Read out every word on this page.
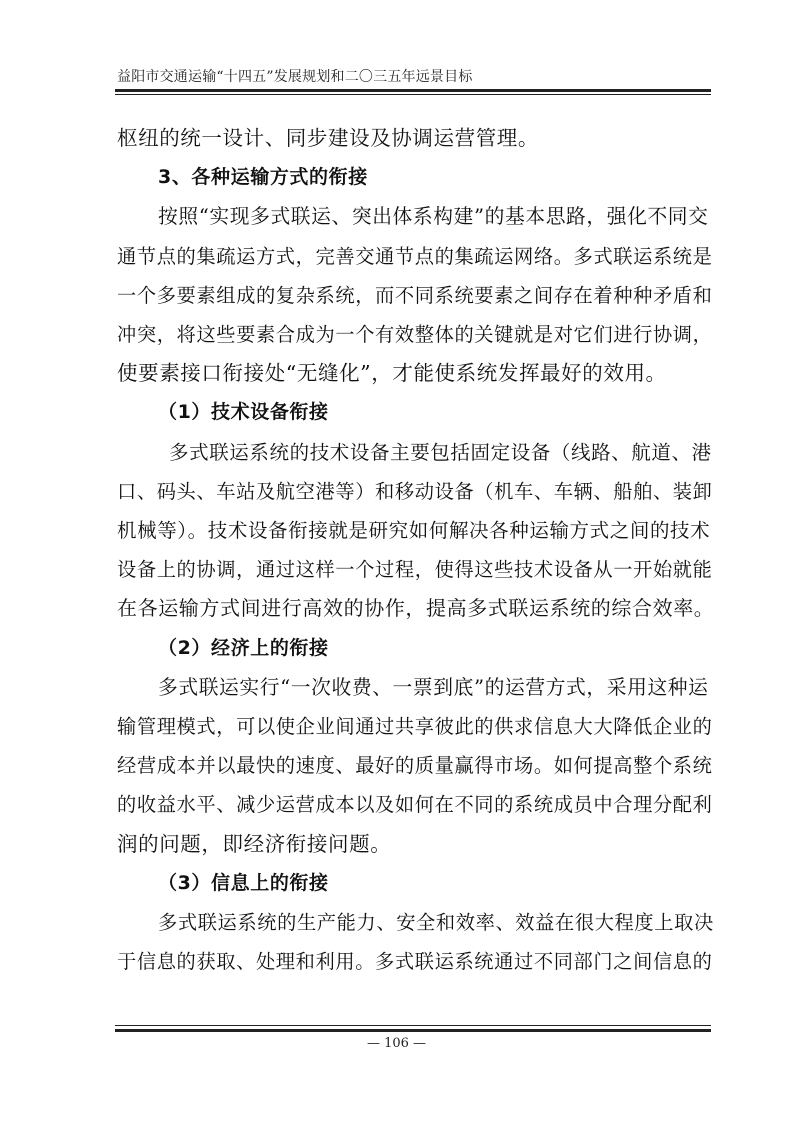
益阳市交通运输“十四五”发展规划和二〇三五年远景目标

枢纽的统一设计、同步建设及协调运营管理。

3、各种运输方式的衔接

按照“实现多式联运、突出体系构建”的基本思路，强化不同交

通节点的集疏运方式，完善交通节点的集疏运网络。多式联运系统是

一个多要素组成的复杂系统，而不同系统要素之间存在着种种矛盾和

冲突，将这些要素合成为一个有效整体的关键就是对它们进行协调，

使要素接口衔接处“无缝化”，才能使系统发挥最好的效用。

（1）技术设备衔接

多式联运系统的技术设备主要包括固定设备（线路、航道、港

口、码头、车站及航空港等）和移动设备（机车、车辆、船舶、装卸

机械等）。技术设备衔接就是研究如何解决各种运输方式之间的技术

设备上的协调，通过这样一个过程，使得这些技术设备从一开始就能

在各运输方式间进行高效的协作，提高多式联运系统的综合效率。

（2）经济上的衔接

多式联运实行“一次收费、一票到底”的运营方式，采用这种运

输管理模式，可以使企业间通过共享彼此的供求信息大大降低企业的

经营成本并以最快的速度、最好的质量赢得市场。如何提高整个系统

的收益水平、减少运营成本以及如何在不同的系统成员中合理分配利

润的问题，即经济衔接问题。

（3）信息上的衔接

多式联运系统的生产能力、安全和效率、效益在很大程度上取决

于信息的获取、处理和利用。多式联运系统通过不同部门之间信息的

— 106 —
